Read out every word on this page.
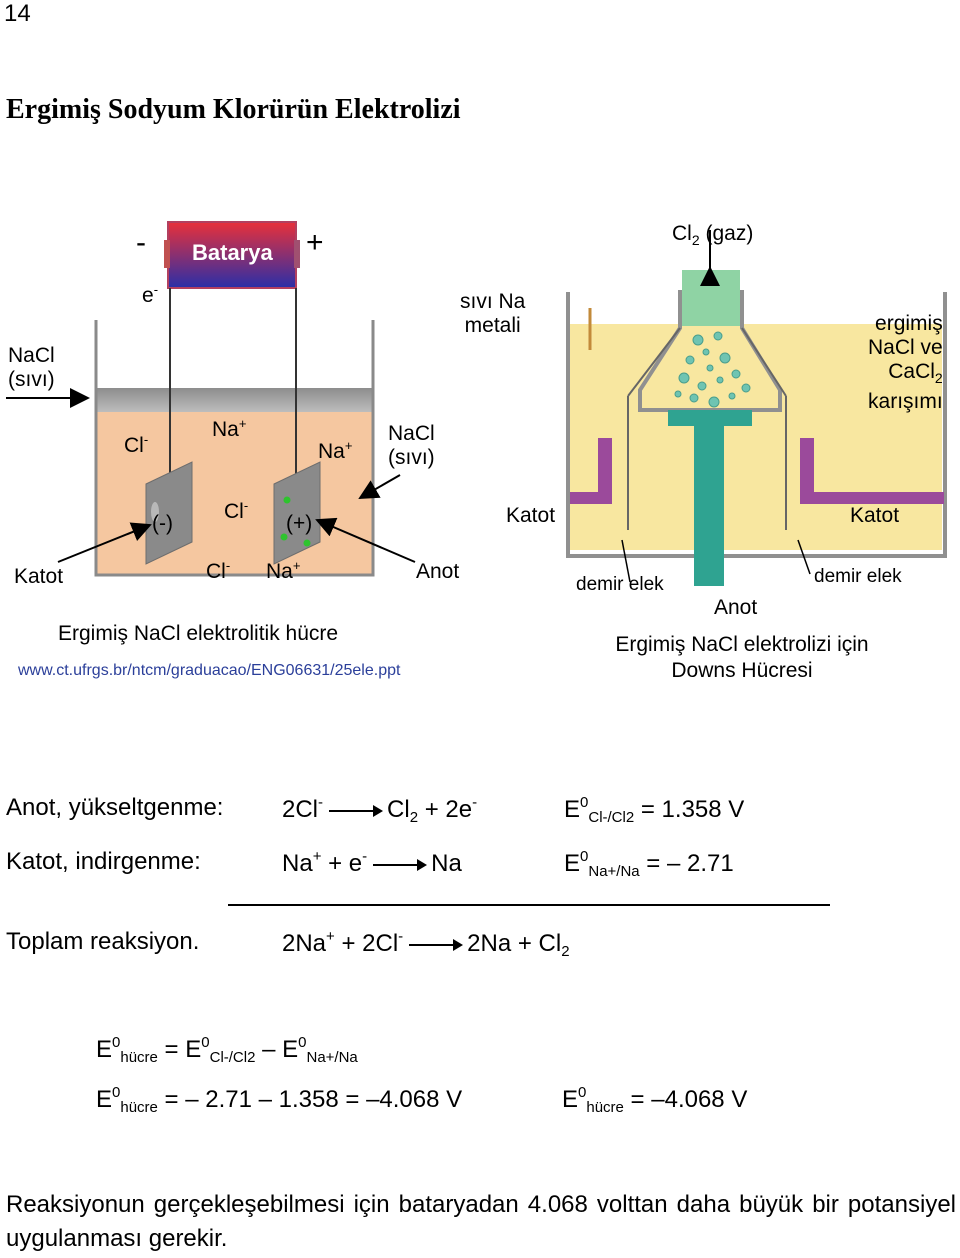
14
Ergimiş Sodyum Klorürün Elektrolizi
-	+
Batarya
e-
NaCl
(sıvı)
NaCl
(sıvı)
Cl-	Na+
Na+
Cl-
(-)	(+)
Cl- Na+
Katot	Anot
Ergimiş NaCl elektrolitik hücre
www.ct.ufrgs.br/ntcm/graduacao/ENG06631/25ele.ppt
$Cl_2$ (gaz)
sıvı Na
metali	ergimiş
NaCl ve
CaCl$_2$
karışımı
Katot	Katot
demir elek	demir elek
Anot
Ergimiş NaCl elektrolizi için
Downs Hücresi
Anot, yükseltgenme: $2Cl^- \to Cl_2 + 2e^-$	$E^0_{Cl-/Cl2} = 1.358$ V
Katot, indirgenme:	Na+ + e- → Na	$E^0_{Na+/Na}$ = – 2.71
Toplam reaksiyon.	$2Na^+ + 2Cl^- \to 2Na + Cl_2$
$E^0_{hücre} = E^0_{Cl-/Cl2} - E^0_{Na+/Na}$
$E^0_{hücre}$ = – 2.71 – 1.358 = –4.068 V	$E^0_{hücre} = -4.068$ V
Reaksiyonun gerçekleşebilmesi için bataryadan 4.068 volttan daha büyük bir potansiyel uygulanması gerekir.
